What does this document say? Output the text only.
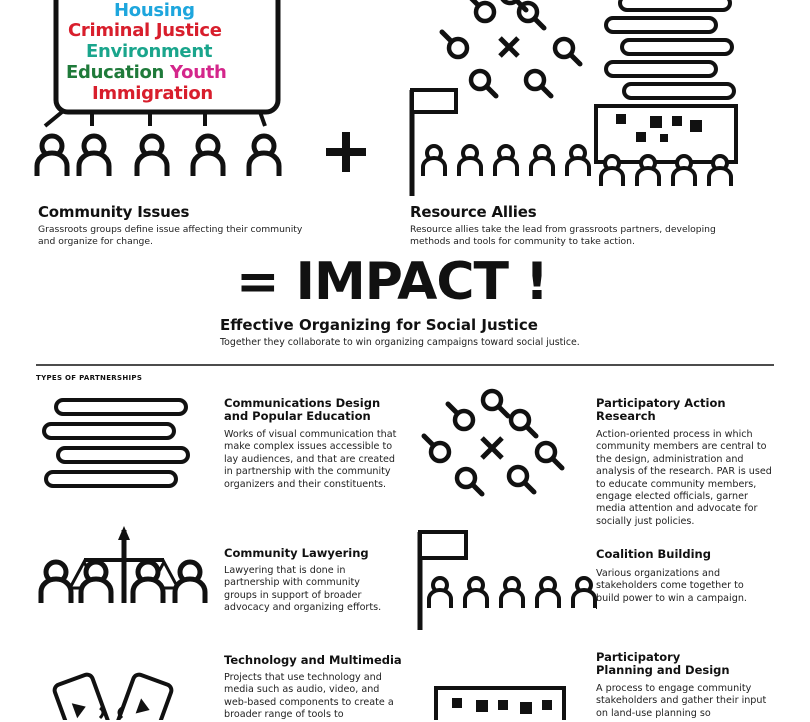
Housing
Criminal Justice
Environment
Education Youth
Immigration
Community Issues
Grassroots groups define issue affecting their community and organize for change.
Resource Allies
Resource allies take the lead from grassroots partners, developing methods and tools for community to take action.
= IMPACT !
Effective Organizing for Social Justice
Together they collaborate to win organizing campaigns toward social justice.
TYPES OF PARTNERSHIPS
Communications Design and Popular Education
Works of visual communication that make complex issues accessible to lay audiences, and that are created in partnership with the community organizers and their constituents.
Participatory Action Research
Action-oriented process in which community members are central to the design, administration and analysis of the research. PAR is used to educate community members, engage elected officials, garner media attention and advocate for socially just policies.
Community Lawyering
Lawyering that is done in partnership with community groups in support of broader advocacy and organizing efforts.
Coalition Building
Various organizations and stakeholders come together to build power to win a campaign.
Technology and Multimedia
Projects that use technology and media such as audio, video, and web-based components to create a broader range of tools to
Participatory Planning and Design
A process to engage community stakeholders and gather their input on land-use planning so
